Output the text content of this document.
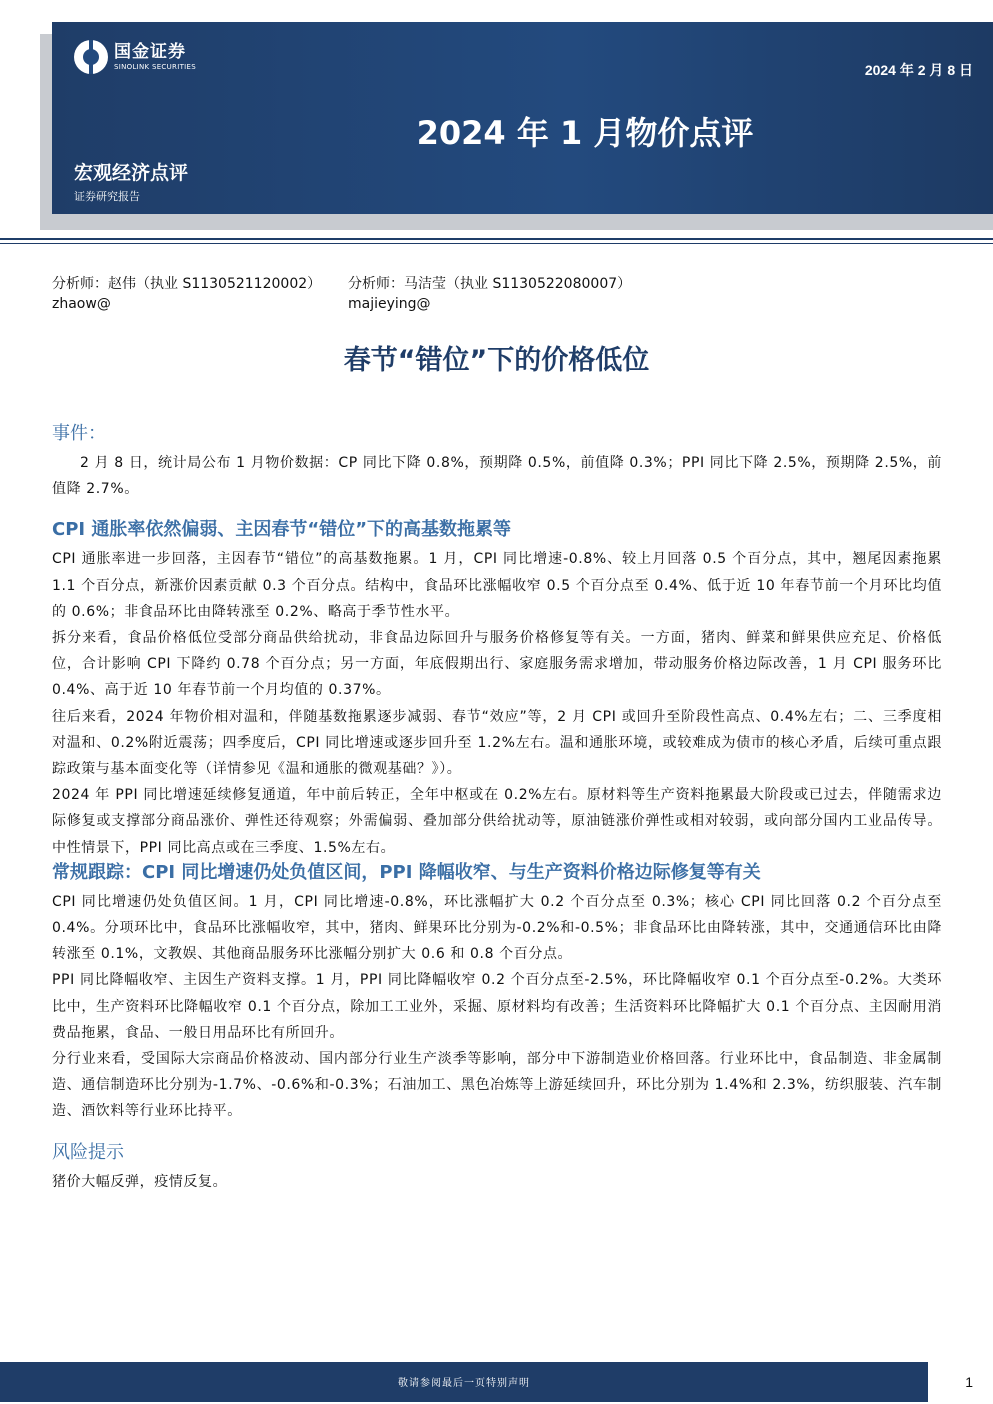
国金证券
SINOLINK SECURITIES	2024 年 2 月 8 日
2024 年 1 月物价点评
宏观经济点评
证券研究报告
分析师：赵伟（执业 S1130521120002）
zhaow@
分析师：马洁莹（执业 S1130522080007）
majieying@
春节“错位”下的价格低位
事件：

2 月 8 日，统计局公布 1 月物价数据：CP 同比下降 0.8%，预期降 0.5%，前值降 0.3%；PPI 同比下降 2.5%，预期降 2.5%，前值降 2.7%。

CPI 通胀率依然偏弱、主因春节“错位”下的高基数拖累等

CPI 通胀率进一步回落，主因春节“错位”的高基数拖累。1 月，CPI 同比增速-0.8%、较上月回落 0.5 个百分点，其中，翘尾因素拖累 1.1 个百分点，新涨价因素贡献 0.3 个百分点。结构中，食品环比涨幅收窄 0.5 个百分点至 0.4%、低于近 10 年春节前一个月环比均值的 0.6%；非食品环比由降转涨至 0.2%、略高于季节性水平。

拆分来看，食品价格低位受部分商品供给扰动，非食品边际回升与服务价格修复等有关。一方面，猪肉、鲜菜和鲜果供应充足、价格低位，合计影响 CPI 下降约 0.78 个百分点；另一方面，年底假期出行、家庭服务需求增加，带动服务价格边际改善，1 月 CPI 服务环比 0.4%、高于近 10 年春节前一个月均值的 0.37%。

往后来看，2024 年物价相对温和，伴随基数拖累逐步减弱、春节“效应”等，2 月 CPI 或回升至阶段性高点、0.4%左右；二、三季度相对温和、0.2%附近震荡；四季度后，CPI 同比增速或逐步回升至 1.2%左右。温和通胀环境，或较难成为债市的核心矛盾，后续可重点跟踪政策与基本面变化等（详情参见《温和通胀的微观基础？》）。

2024 年 PPI 同比增速延续修复通道，年中前后转正，全年中枢或在 0.2%左右。原材料等生产资料拖累最大阶段或已过去，伴随需求边际修复或支撑部分商品涨价、弹性还待观察；外需偏弱、叠加部分供给扰动等，原油链涨价弹性或相对较弱，或向部分国内工业品传导。中性情景下，PPI 同比高点或在三季度、1.5%左右。

常规跟踪：CPI 同比增速仍处负值区间，PPI 降幅收窄、与生产资料价格边际修复等有关

CPI 同比增速仍处负值区间。1 月，CPI 同比增速-0.8%，环比涨幅扩大 0.2 个百分点至 0.3%；核心 CPI 同比回落 0.2 个百分点至 0.4%。分项环比中，食品环比涨幅收窄，其中，猪肉、鲜果环比分别为-0.2%和-0.5%；非食品环比由降转涨，其中，交通通信环比由降转涨至 0.1%，文教娱、其他商品服务环比涨幅分别扩大 0.6 和 0.8 个百分点。

PPI 同比降幅收窄、主因生产资料支撑。1 月，PPI 同比降幅收窄 0.2 个百分点至-2.5%，环比降幅收窄 0.1 个百分点至-0.2%。大类环比中，生产资料环比降幅收窄 0.1 个百分点，除加工工业外，采掘、原材料均有改善；生活资料环比降幅扩大 0.1 个百分点、主因耐用消费品拖累，食品、一般日用品环比有所回升。

分行业来看，受国际大宗商品价格波动、国内部分行业生产淡季等影响，部分中下游制造业价格回落。行业环比中，食品制造、非金属制造、通信制造环比分别为-1.7%、-0.6%和-0.3%；石油加工、黑色冶炼等上游延续回升，环比分别为 1.4%和 2.3%，纺织服装、汽车制造、酒饮料等行业环比持平。

风险提示

猪价大幅反弹，疫情反复。

敬请参阅最后一页特别声明	1
